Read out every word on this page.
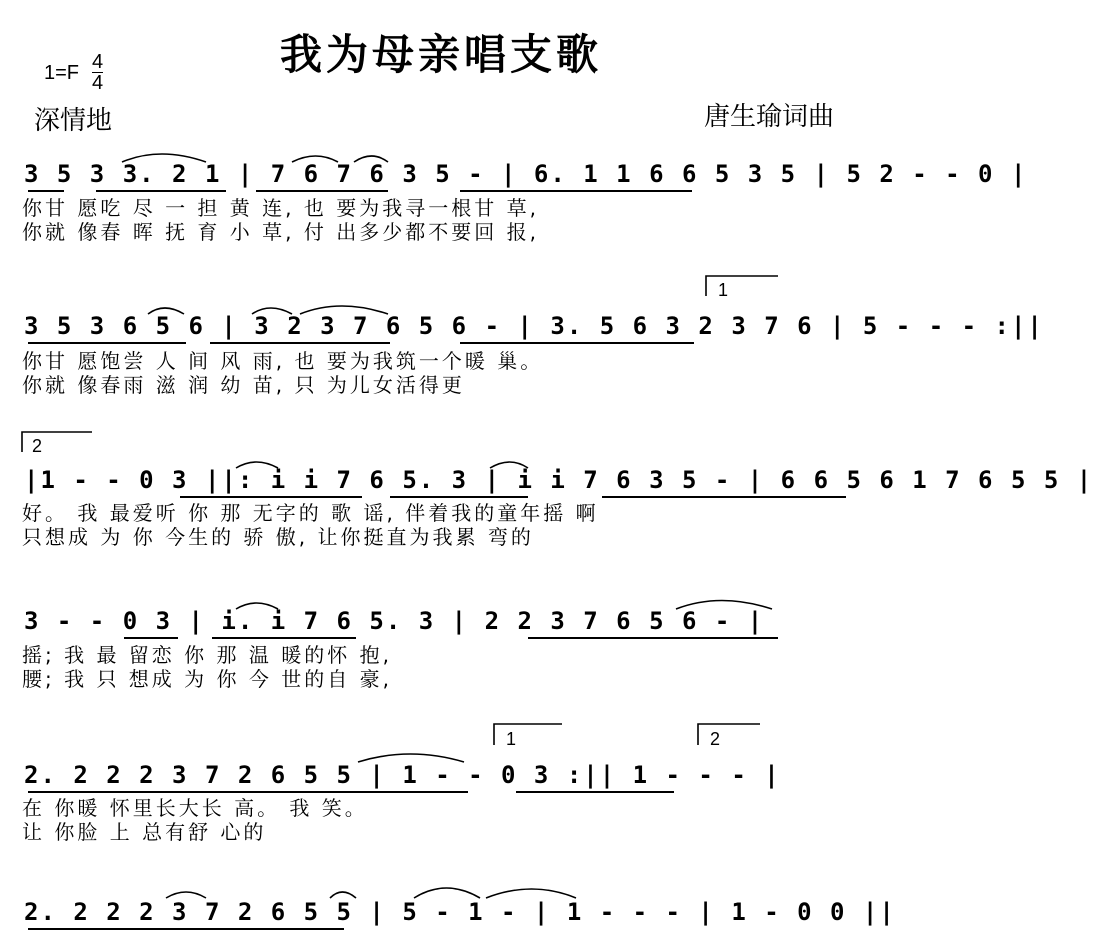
我为母亲唱支歌
$1=F \frac{4}{4}$
深情地	唐生瑜词曲
3 5 3 3. 2 1 | 7 6 7 6 3 5 - | 6. 1 1 6 6 5 3 5 | 5 2 - - 0 |
你甘 愿吃 尽 一 担 黄 连, 也 要为我寻一根甘 草,
你就 像春 晖 抚 育 小 草, 付 出多少都不要回 报,
3 5 3 6 5 6 | 3 2 3 7 6 5 6 - | 3. 5 6 3 2 3 7 6 | 5 - - - :||
你甘 愿饱尝 人 间 风 雨, 也 要为我筑一个暖 巢。
你就 像春雨 滋 润 幼 苗, 只 为儿女活得更
|1 - - 0 3 ||: i i 7 6 5. 3 | i i 7 6 3 5 - | 6 6 5 6 1 7 6 5 5 |
好。 我 最爱听 你 那 无字的 歌 谣, 伴着我的童年摇 啊
只想成 为 你 今生的 骄 傲, 让你挺直为我累 弯的
3 - - 0 3 | i. i 7 6 5. 3 | 2 2 3 7 6 5 6 - |
摇; 我 最 留恋 你 那 温 暖的怀 抱,
腰; 我 只 想成 为 你 今 世的自 豪,
2. 2 2 2 3 7 2 6 5 5 | 1 - - 0 3 :|| 1 - - - |
在 你暖 怀里长大长 高。 我 笑。
让 你脸 上 总有舒 心的
2. 2 2 2 3 7 2 6 5 5 | 5 - 1 - | 1 - - - | 1 - 0 0 ||
1
2
1	2
